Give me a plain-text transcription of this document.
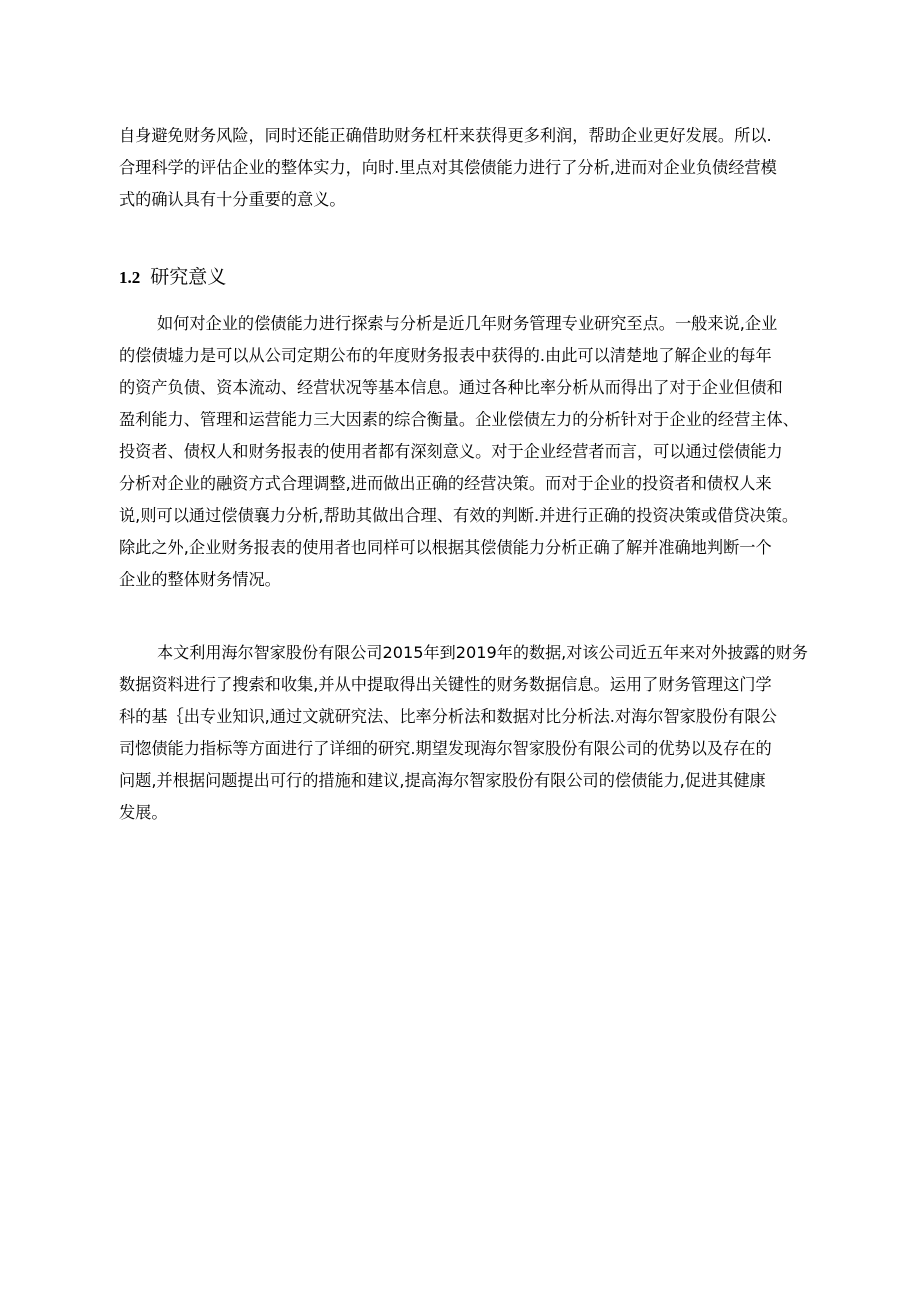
自身避免财务风险，同时还能正确借助财务杠杆来获得更多利润，帮助企业更好发展。所以.
合理科学的评估企业的整体实力，向时.里点对其偿债能力进行了分析,进而对企业负债经营模
式的确认具有十分重要的意义。
1.2 研究意义
如何对企业的偿债能力进行探索与分析是近几年财务管理专业研究至点。一般来说,企业
的偿债墟力是可以从公司定期公布的年度财务报表中获得的.由此可以清楚地了解企业的每年
的资产负债、资本流动、经营状况等基本信息。通过各种比率分析从而得出了对于企业但债和
盈利能力、管理和运营能力三大因素的综合衡量。企业偿债左力的分析针对于企业的经营主体、
投资者、债权人和财务报表的使用者都有深刻意义。对于企业经营者而言，可以通过偿债能力
分析对企业的融资方式合理调整,进而做出正确的经营决策。而对于企业的投资者和债权人来
说,则可以通过偿债襄力分析,帮助其做出合理、有效的判断.并进行正确的投资决策或借贷决策。
除此之外,企业财务报表的使用者也同样可以根据其偿债能力分析正确了解并准确地判断一个
企业的整体财务情况。
本文利用海尔智家股份有限公司2015年到2019年的数据,对该公司近五年来对外披露的财务
数据资料进行了搜索和收集,并从中提取得出关键性的财务数据信息。运用了财务管理这门学
科的基｛出专业知识,通过文就研究法、比率分析法和数据对比分析法.对海尔智家股份有限公
司惚债能力指标等方面进行了详细的研究.期望发现海尔智家股份有限公司的优势以及存在的
问题,并根据问题提出可行的措施和建议,提高海尔智家股份有限公司的偿债能力,促进其健康
发展。
